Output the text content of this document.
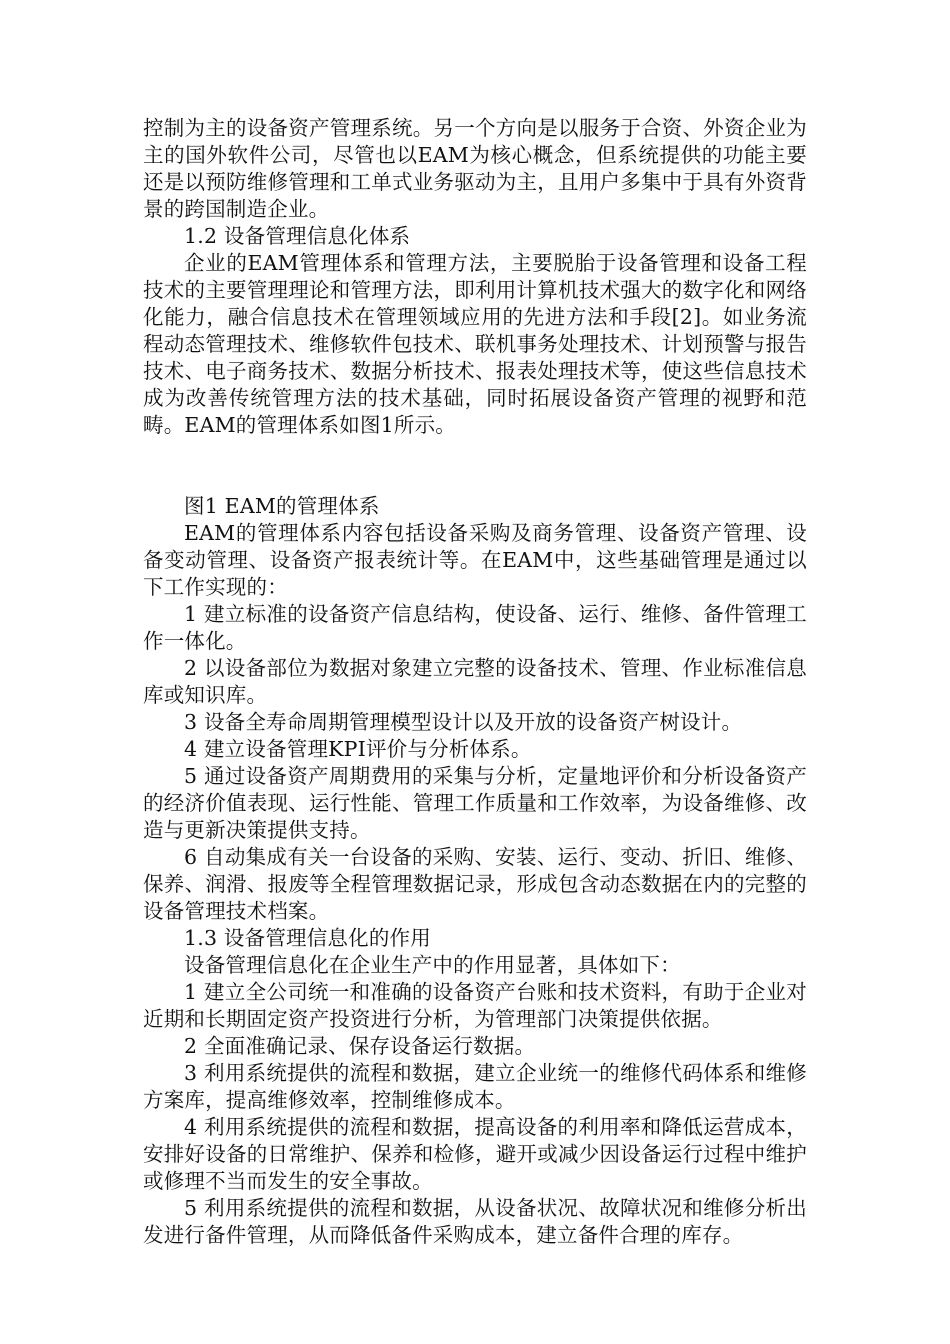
控制为主的设备资产管理系统。另一个方向是以服务于合资、外资企业为主的国外软件公司，尽管也以EAM为核心概念，但系统提供的功能主要还是以预防维修管理和工单式业务驱动为主，且用户多集中于具有外资背景的跨国制造企业。

1.2 设备管理信息化体系

企业的EAM管理体系和管理方法，主要脱胎于设备管理和设备工程技术的主要管理理论和管理方法，即利用计算机技术强大的数字化和网络化能力，融合信息技术在管理领域应用的先进方法和手段[2]。如业务流程动态管理技术、维修软件包技术、联机事务处理技术、计划预警与报告技术、电子商务技术、数据分析技术、报表处理技术等，使这些信息技术成为改善传统管理方法的技术基础，同时拓展设备资产管理的视野和范畴。EAM的管理体系如图1所示。

图1 EAM的管理体系

EAM的管理体系内容包括设备采购及商务管理、设备资产管理、设备变动管理、设备资产报表统计等。在EAM中，这些基础管理是通过以下工作实现的：

1 建立标准的设备资产信息结构，使设备、运行、维修、备件管理工作一体化。

2 以设备部位为数据对象建立完整的设备技术、管理、作业标准信息库或知识库。

3 设备全寿命周期管理模型设计以及开放的设备资产树设计。

4 建立设备管理KPI评价与分析体系。

5 通过设备资产周期费用的采集与分析，定量地评价和分析设备资产的经济价值表现、运行性能、管理工作质量和工作效率，为设备维修、改造与更新决策提供支持。

6 自动集成有关一台设备的采购、安装、运行、变动、折旧、维修、保养、润滑、报废等全程管理数据记录，形成包含动态数据在内的完整的设备管理技术档案。

1.3 设备管理信息化的作用

设备管理信息化在企业生产中的作用显著，具体如下：

1 建立全公司统一和准确的设备资产台账和技术资料，有助于企业对近期和长期固定资产投资进行分析，为管理部门决策提供依据。

2 全面准确记录、保存设备运行数据。

3 利用系统提供的流程和数据，建立企业统一的维修代码体系和维修方案库，提高维修效率，控制维修成本。

4 利用系统提供的流程和数据，提高设备的利用率和降低运营成本，安排好设备的日常维护、保养和检修，避开或减少因设备运行过程中维护或修理不当而发生的安全事故。

5 利用系统提供的流程和数据，从设备状况、故障状况和维修分析出发进行备件管理，从而降低备件采购成本，建立备件合理的库存。
